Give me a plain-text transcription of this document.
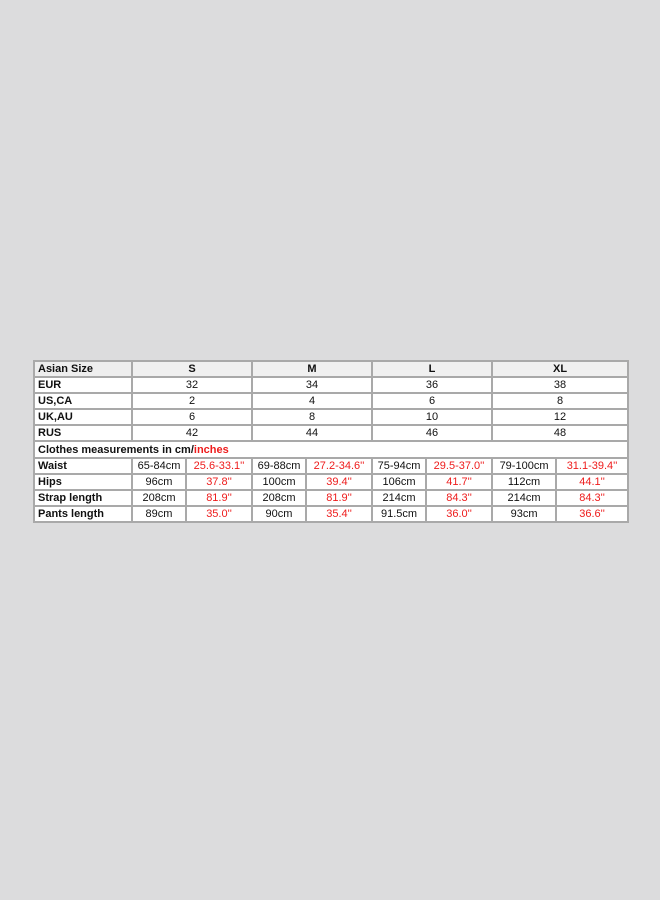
Asian Size	S		M		L		XL	
EUR	32		34		36		38	
US,CA	2		4		6		8	
UK,AU	6		8		10		12	
RUS	42		44		46		48	
Clothes measurements in cm/inches								
Waist	65-84cm	25.6-33.1''	69-88cm	27.2-34.6''	75-94cm	29.5-37.0''	79-100cm	31.1-39.4''
Hips	96cm	37.8''	100cm	39.4''	106cm	41.7''	112cm	44.1''
Strap length	208cm	81.9''	208cm	81.9''	214cm	84.3''	214cm	84.3''
Pants length	89cm	35.0''	90cm	35.4''	91.5cm	36.0''	93cm	36.6''
